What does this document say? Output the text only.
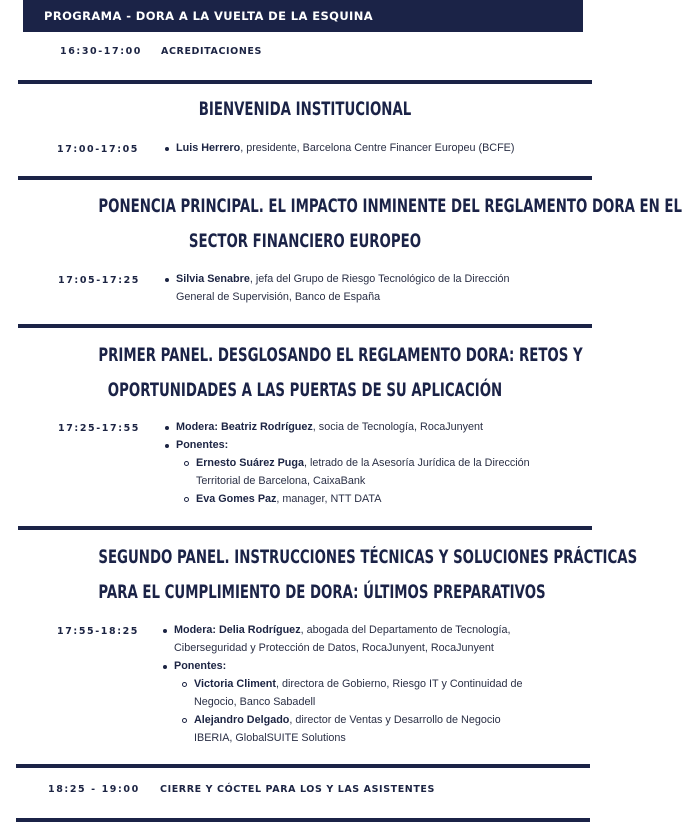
PROGRAMA - DORA A LA VUELTA DE LA ESQUINA
16:30-17:00 ACREDITACIONES
BIENVENIDA INSTITUCIONAL
17:00-17:05	Luis Herrero, presidente, Barcelona Centre Financer Europeu (BCFE)
PONENCIA PRINCIPAL. EL IMPACTO INMINENTE DEL REGLAMENTO DORA EN EL
SECTOR FINANCIERO EUROPEO
17:05-17:25	Silvia Senabre, jefa del Grupo de Riesgo Tecnológico de la Dirección
General de Supervisión, Banco de España
PRIMER PANEL. DESGLOSANDO EL REGLAMENTO DORA: RETOS Y
OPORTUNIDADES A LAS PUERTAS DE SU APLICACIÓN
17:25-17:55	Modera: Beatriz Rodríguez, socia de Tecnología, RocaJunyent
Ponentes:
Ernesto Suárez Puga, letrado de la Asesoría Jurídica de la Dirección
Territorial de Barcelona, CaixaBank
Eva Gomes Paz, manager, NTT DATA
SEGUNDO PANEL. INSTRUCCIONES TÉCNICAS Y SOLUCIONES PRÁCTICAS
PARA EL CUMPLIMIENTO DE DORA: ÚLTIMOS PREPARATIVOS
17:55-18:25	Modera: Delia Rodríguez, abogada del Departamento de Tecnología,
Ciberseguridad y Protección de Datos, RocaJunyent, RocaJunyent
Ponentes:
Victoria Climent, directora de Gobierno, Riesgo IT y Continuidad de
Negocio, Banco Sabadell
Alejandro Delgado, director de Ventas y Desarrollo de Negocio
IBERIA, GlobalSUITE Solutions
18:25 - 19:00 CIERRE Y CÓCTEL PARA LOS Y LAS ASISTENTES
